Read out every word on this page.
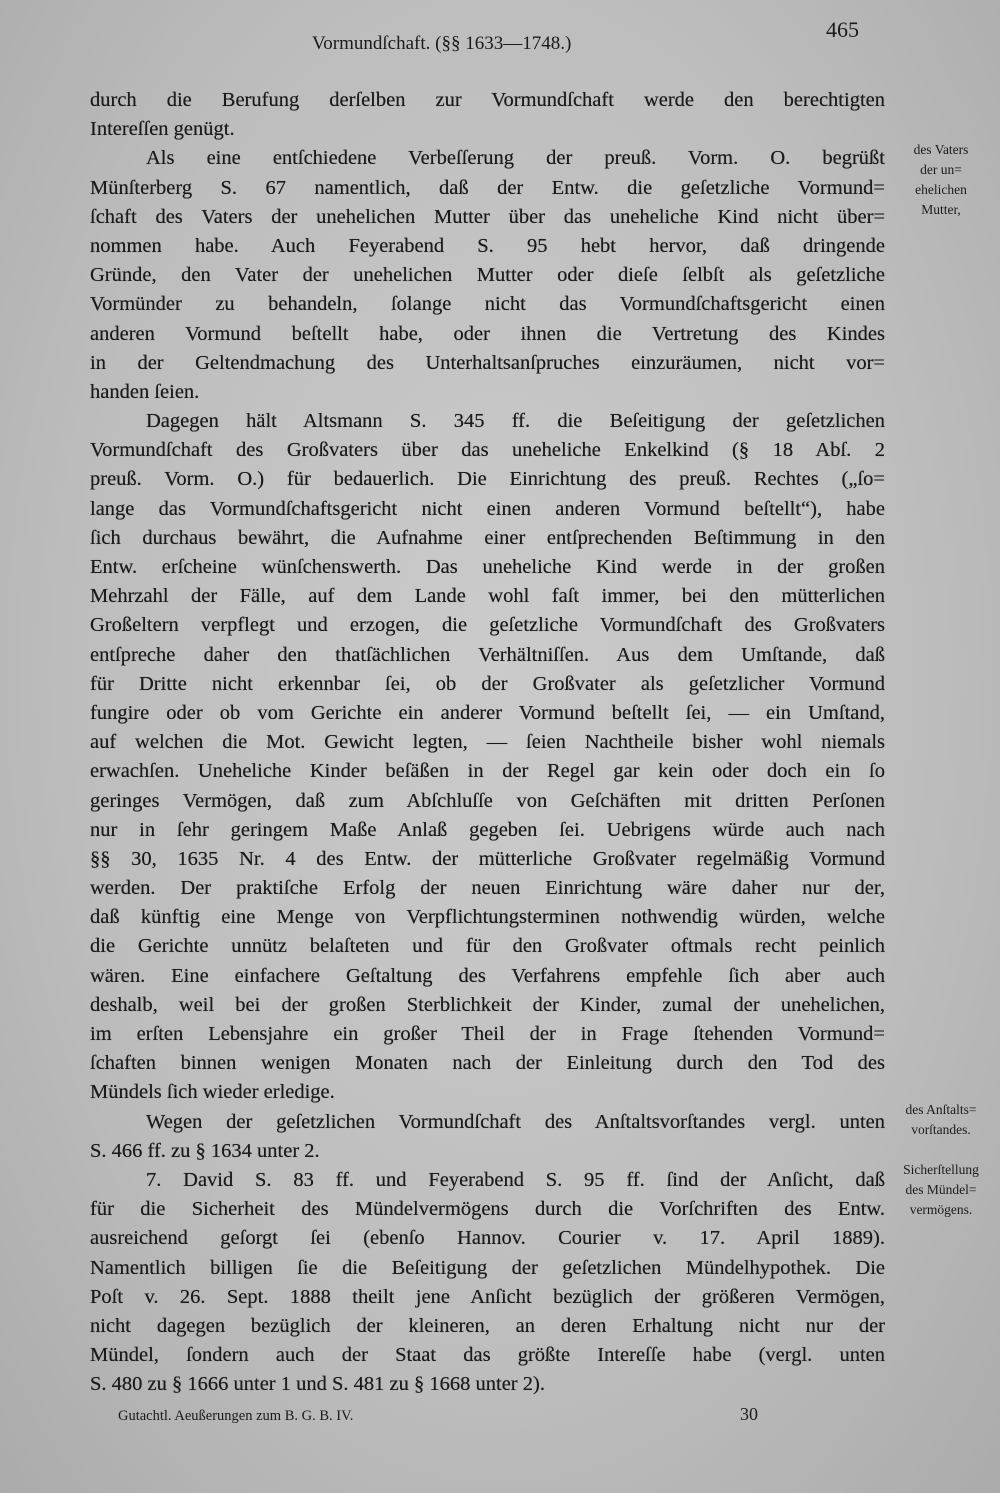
Vormundſchaft. (§§ 1633—1748.)
465
durch die Berufung derſelben zur Vormundſchaft werde den berechtigten
Intereſſen genügt.
Als eine entſchiedene Verbeſſerung der preuß. Vorm. O. begrüßt
Münſterberg S. 67 namentlich, daß der Entw. die geſetzliche Vormund=
ſchaft des Vaters der unehelichen Mutter über das uneheliche Kind nicht über=
nommen habe. Auch Feyerabend S. 95 hebt hervor, daß dringende
Gründe, den Vater der unehelichen Mutter oder dieſe ſelbſt als geſetzliche
Vormünder zu behandeln, ſolange nicht das Vormundſchaftsgericht einen
anderen Vormund beſtellt habe, oder ihnen die Vertretung des Kindes
in der Geltendmachung des Unterhaltsanſpruches einzuräumen, nicht vor=
handen ſeien.
Dagegen hält Altsmann S. 345 ff. die Beſeitigung der geſetzlichen
Vormundſchaft des Großvaters über das uneheliche Enkelkind (§ 18 Abſ. 2
preuß. Vorm. O.) für bedauerlich. Die Einrichtung des preuß. Rechtes („ſo=
lange das Vormundſchaftsgericht nicht einen anderen Vormund beſtellt“), habe
ſich durchaus bewährt, die Aufnahme einer entſprechenden Beſtimmung in den
Entw. erſcheine wünſchenswerth. Das uneheliche Kind werde in der großen
Mehrzahl der Fälle, auf dem Lande wohl faſt immer, bei den mütterlichen
Großeltern verpflegt und erzogen, die geſetzliche Vormundſchaft des Großvaters
entſpreche daher den thatſächlichen Verhältniſſen. Aus dem Umſtande, daß
für Dritte nicht erkennbar ſei, ob der Großvater als geſetzlicher Vormund
fungire oder ob vom Gerichte ein anderer Vormund beſtellt ſei, — ein Umſtand,
auf welchen die Mot. Gewicht legten, — ſeien Nachtheile bisher wohl niemals
erwachſen. Uneheliche Kinder beſäßen in der Regel gar kein oder doch ein ſo
geringes Vermögen, daß zum Abſchluſſe von Geſchäften mit dritten Perſonen
nur in ſehr geringem Maße Anlaß gegeben ſei. Uebrigens würde auch nach
§§ 30, 1635 Nr. 4 des Entw. der mütterliche Großvater regelmäßig Vormund
werden. Der praktiſche Erfolg der neuen Einrichtung wäre daher nur der,
daß künftig eine Menge von Verpflichtungsterminen nothwendig würden, welche
die Gerichte unnütz belaſteten und für den Großvater oftmals recht peinlich
wären. Eine einfachere Geſtaltung des Verfahrens empfehle ſich aber auch
deshalb, weil bei der großen Sterblichkeit der Kinder, zumal der unehelichen,
im erſten Lebensjahre ein großer Theil der in Frage ſtehenden Vormund=
ſchaften binnen wenigen Monaten nach der Einleitung durch den Tod des
Mündels ſich wieder erledige.
Wegen der geſetzlichen Vormundſchaft des Anſtaltsvorſtandes vergl. unten
S. 466 ff. zu § 1634 unter 2.
7. David S. 83 ff. und Feyerabend S. 95 ff. ſind der Anſicht, daß
für die Sicherheit des Mündelvermögens durch die Vorſchriften des Entw.
ausreichend geſorgt ſei (ebenſo Hannov. Courier v. 17. April 1889).
Namentlich billigen ſie die Beſeitigung der geſetzlichen Mündelhypothek. Die
Poſt v. 26. Sept. 1888 theilt jene Anſicht bezüglich der größeren Vermögen,
nicht dagegen bezüglich der kleineren, an deren Erhaltung nicht nur der
Mündel, ſondern auch der Staat das größte Intereſſe habe (vergl. unten
S. 480 zu § 1666 unter 1 und S. 481 zu § 1668 unter 2).
des Vaters
der un=
ehelichen
Mutter,
des Anſtalts=
vorſtandes.
Sicherſtellung
des Mündel=
vermögens.
Gutachtl. Aeußerungen zum B. G. B. IV.	30
